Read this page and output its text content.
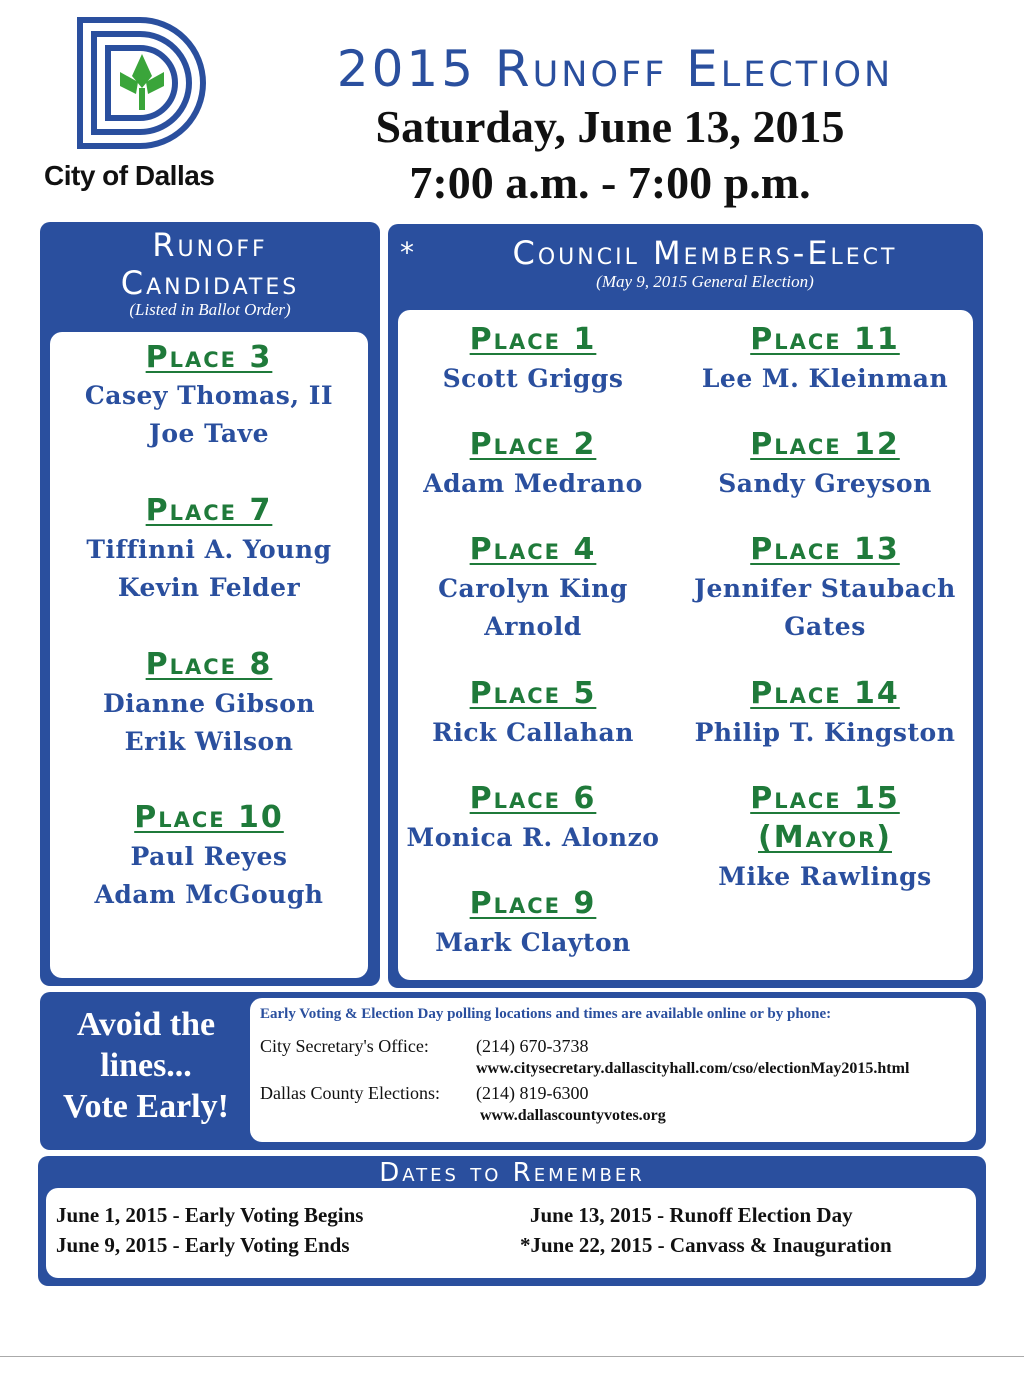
City of Dallas
2015 Runoff Election
Saturday, June 13, 2015
7:00 a.m. - 7:00 p.m.
Runoff
Candidates
(Listed in Ballot Order)
Place 3
Casey Thomas, II
Joe Tave
Place 7
Tiffinni A. Young
Kevin Felder
Place 8
Dianne Gibson
Erik Wilson
Place 10
Paul Reyes
Adam McGough
*	Council Members-Elect
(May 9, 2015 General Election)
Place 1
Scott Griggs
Place 2
Adam Medrano
Place 4
Carolyn King
Arnold
Place 5
Rick Callahan
Place 6
Monica R. Alonzo
Place 9
Mark Clayton
Place 11
Lee M. Kleinman
Place 12
Sandy Greyson
Place 13
Jennifer Staubach
Gates
Place 14
Philip T. Kingston
Place 15
(Mayor)
Mike Rawlings
Avoid the
lines...
Vote Early!
Early Voting & Election Day polling locations and times are available online or by phone:
City Secretary's Office:	(214) 670-3738
www.citysecretary.dallascityhall.com/cso/electionMay2015.html
Dallas County Elections: (214) 819-6300
www.dallascountyvotes.org
Dates to Remember
June 1, 2015 - Early Voting Begins
June 9, 2015 - Early Voting Ends
June 13, 2015 - Runoff Election Day
*June 22, 2015 - Canvass & Inauguration
